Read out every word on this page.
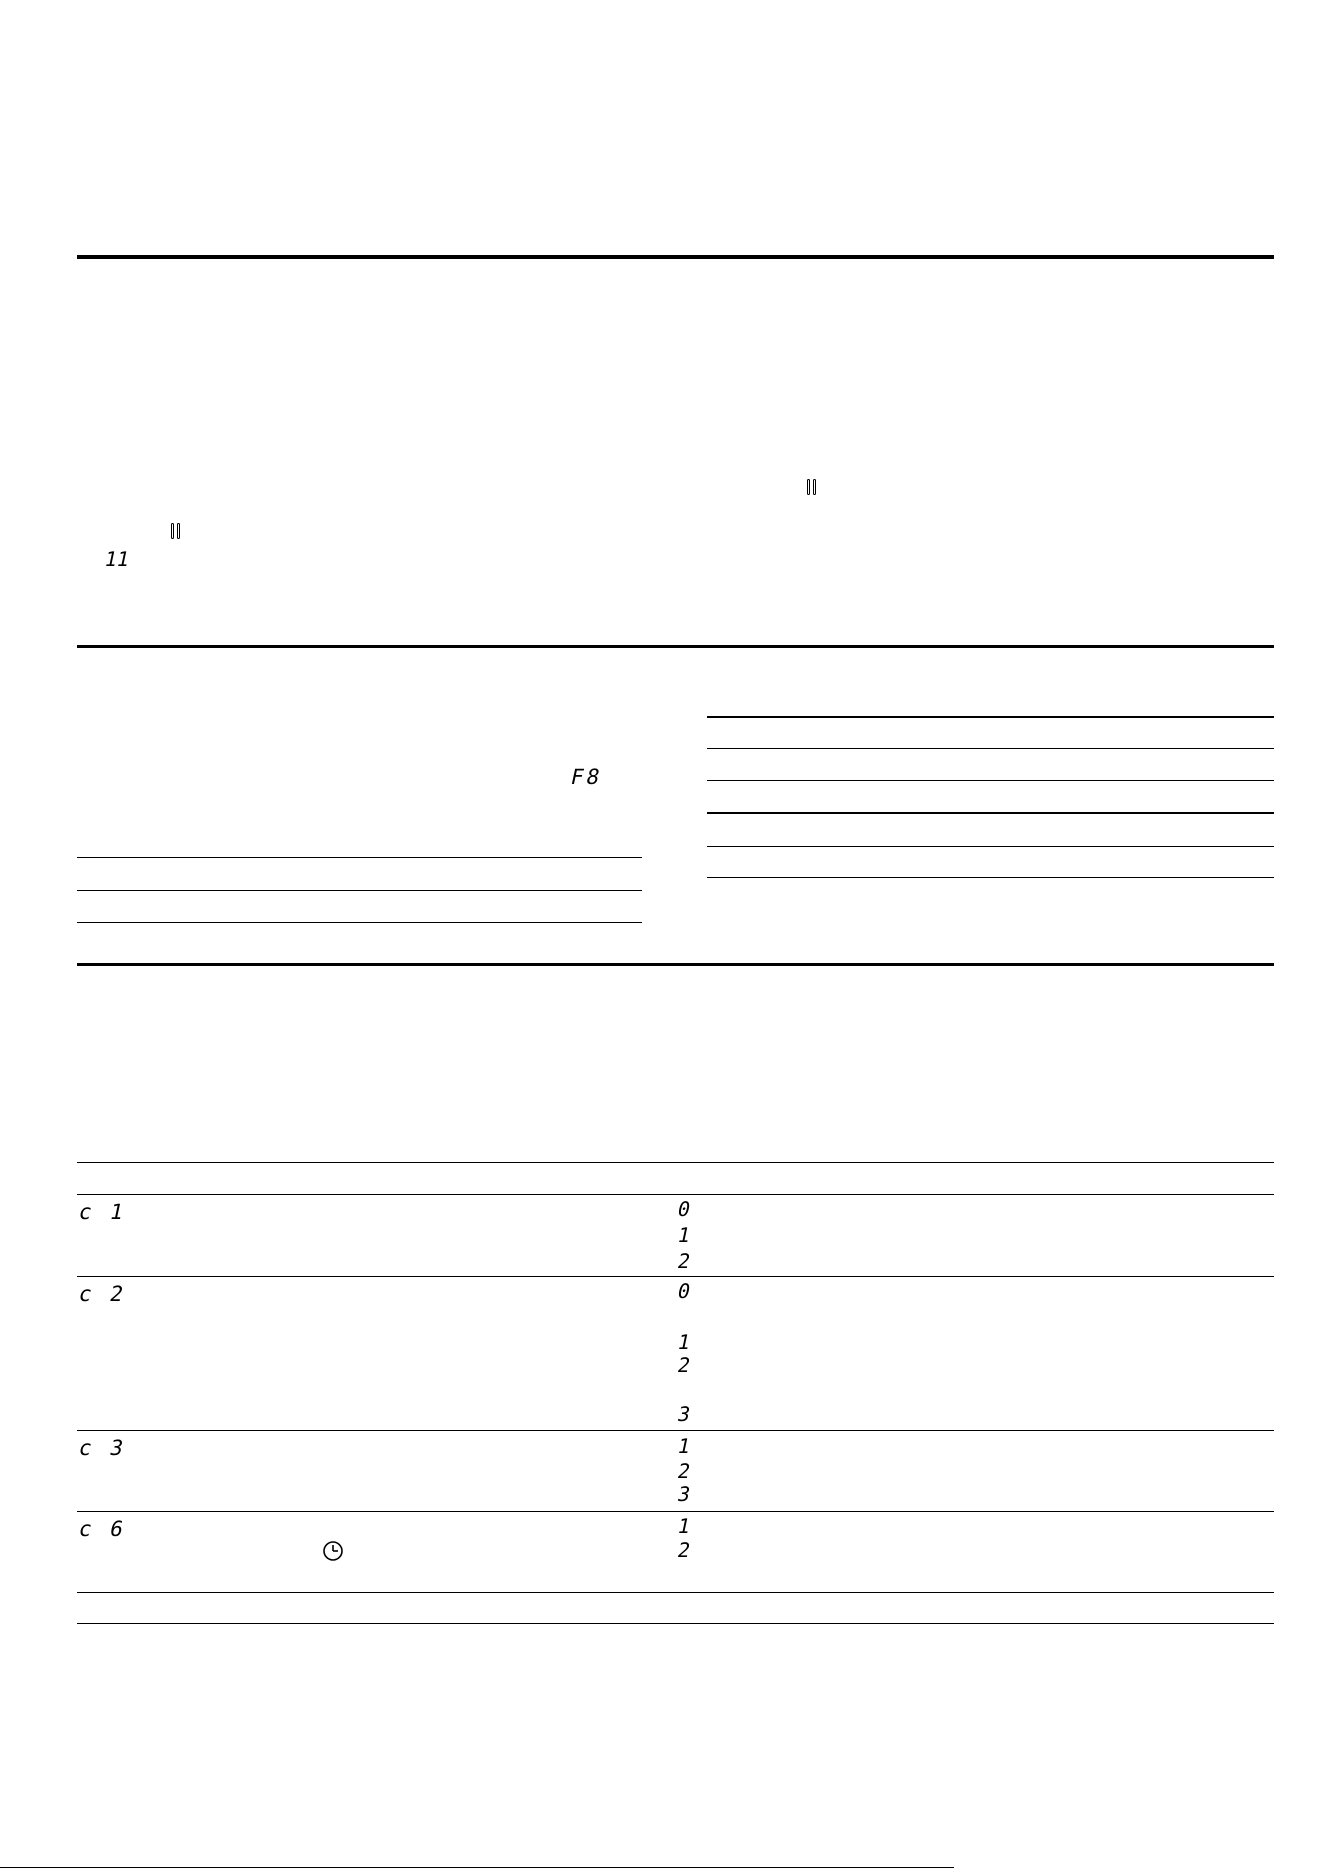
11
F8
c 1	0
1
2
c 2	0
1
2
3
c 3	1
2
3
c 6	1
2
